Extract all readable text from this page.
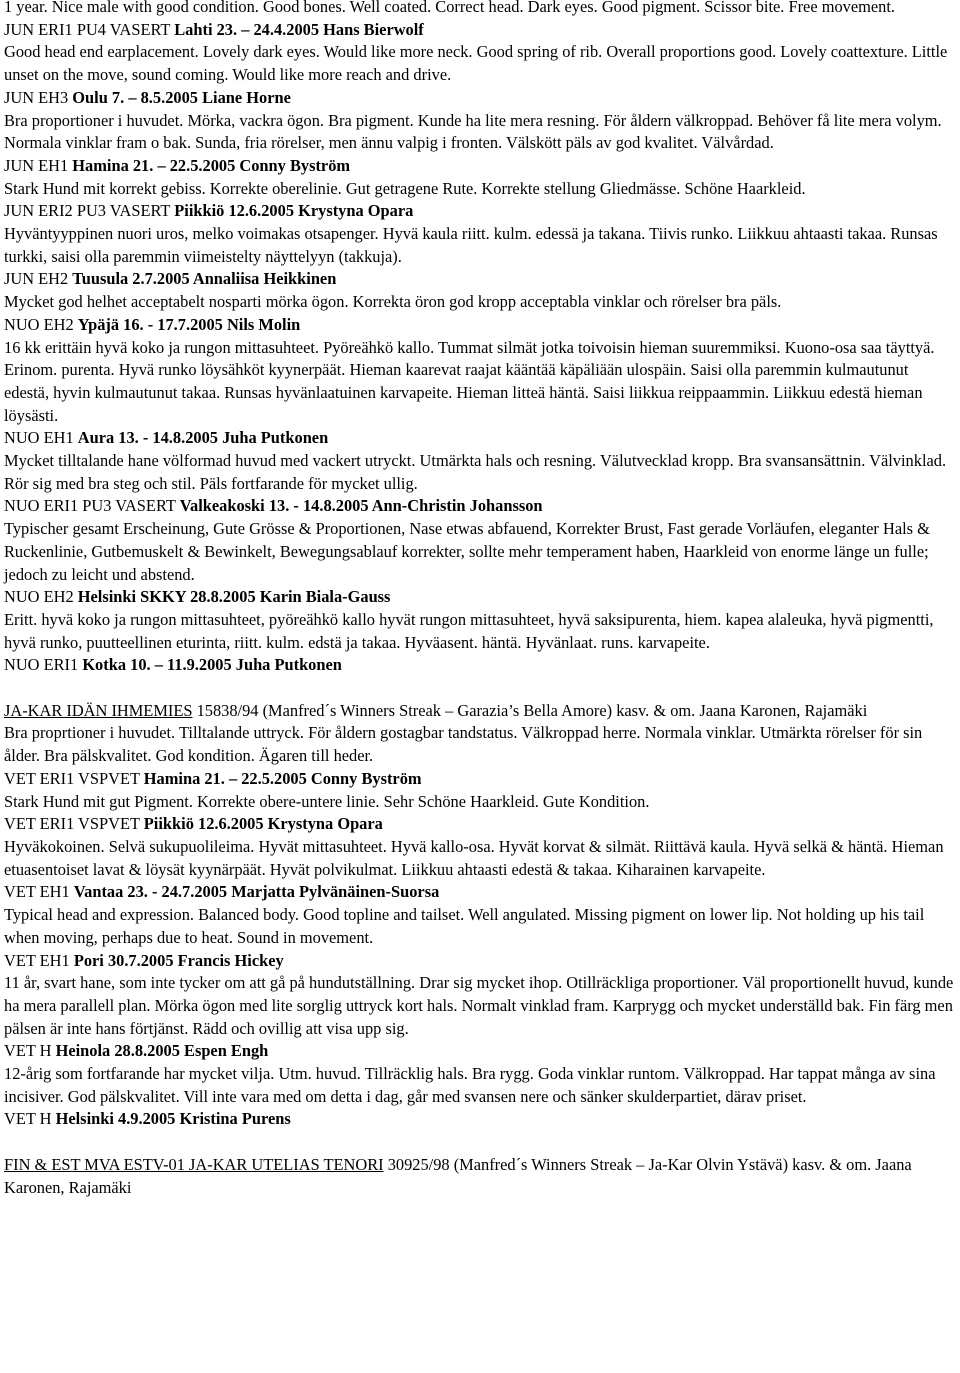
1 year. Nice male with good condition. Good bones. Well coated. Correct head. Dark eyes. Good pigment. Scissor bite. Free movement.
JUN ERI1 PU4 VASERT Lahti 23. – 24.4.2005 Hans Bierwolf
Good head end earplacement. Lovely dark eyes. Would like more neck. Good spring of rib. Overall proportions good. Lovely coattexture. Little unset on the move, sound coming. Would like more reach and drive.
JUN EH3 Oulu 7. – 8.5.2005 Liane Horne
Bra proportioner i huvudet. Mörka, vackra ögon. Bra pigment. Kunde ha lite mera resning. För åldern välkroppad. Behöver få lite mera volym. Normala vinklar fram o bak. Sunda, fria rörelser, men ännu valpig i fronten. Välskött päls av god kvalitet. Välvårdad.
JUN EH1 Hamina 21. – 22.5.2005 Conny Byström
Stark Hund mit korrekt gebiss. Korrekte oberelinie. Gut getragene Rute. Korrekte stellung Gliedmässe. Schöne Haarkleid.
JUN ERI2 PU3 VASERT Piikkiö 12.6.2005 Krystyna Opara
Hyväntyyppinen nuori uros, melko voimakas otsapenger. Hyvä kaula riitt. kulm. edessä ja takana. Tiivis runko. Liikkuu ahtaasti takaa. Runsas turkki, saisi olla paremmin viimeistelty näyttelyyn (takkuja).
JUN EH2 Tuusula 2.7.2005 Annaliisa Heikkinen
Mycket god helhet acceptabelt nosparti mörka ögon. Korrekta öron god kropp acceptabla vinklar och rörelser bra päls.
NUO EH2 Ypäjä 16. - 17.7.2005 Nils Molin
16 kk erittäin hyvä koko ja rungon mittasuhteet. Pyöreähkö kallo. Tummat silmät jotka toivoisin hieman suuremmiksi. Kuono-osa saa täyttyä. Erinom. purenta. Hyvä runko löysähköt kyynerpäät. Hieman kaarevat raajat kääntää käpäliään ulospäin. Saisi olla paremmin kulmautunut edestä, hyvin kulmautunut takaa. Runsas hyvänlaatuinen karvapeite. Hieman litteä häntä. Saisi liikkua reippaammin. Liikkuu edestä hieman löysästi.
NUO EH1 Aura 13. - 14.8.2005 Juha Putkonen
Mycket tilltalande hane völformad huvud med vackert utryckt. Utmärkta hals och resning. Välutvecklad kropp. Bra svansansättnin. Välvinklad. Rör sig med bra steg och stil. Päls fortfarande för mycket ullig.
NUO ERI1 PU3 VASERT Valkeakoski 13. - 14.8.2005 Ann-Christin Johansson
Typischer gesamt Erscheinung, Gute Grösse & Proportionen, Nase etwas abfauend, Korrekter Brust, Fast gerade Vorläufen, eleganter Hals & Ruckenlinie, Gutbemuskelt & Bewinkelt, Bewegungsablauf korrekter, sollte mehr temperament haben, Haarkleid von enorme länge un fulle; jedoch zu leicht und abstend.
NUO EH2 Helsinki SKKY 28.8.2005 Karin Biala-Gauss
Eritt. hyvä koko ja rungon mittasuhteet, pyöreähkö kallo hyvät rungon mittasuhteet, hyvä saksipurenta, hiem. kapea alaleuka, hyvä pigmentti, hyvä runko, puutteellinen eturinta, riitt. kulm. edstä ja takaa. Hyväasent. häntä. Hyvänlaat. runs. karvapeite.
NUO ERI1 Kotka 10. – 11.9.2005 Juha Putkonen
JA-KAR IDÄN IHMEMIES 15838/94 (Manfred´s Winners Streak – Garazia’s Bella Amore) kasv. & om. Jaana Karonen, Rajamäki
Bra proprtioner i huvudet. Tilltalande uttryck. För åldern gostagbar tandstatus. Välkroppad herre. Normala vinklar. Utmärkta rörelser för sin ålder. Bra pälskvalitet. God kondition. Ägaren till heder.
VET ERI1 VSPVET Hamina 21. – 22.5.2005 Conny Byström
Stark Hund mit gut Pigment. Korrekte obere-untere linie. Sehr Schöne Haarkleid. Gute Kondition.
VET ERI1 VSPVET Piikkiö 12.6.2005 Krystyna Opara
Hyväkokoinen. Selvä sukupuolileima. Hyvät mittasuhteet. Hyvä kallo-osa. Hyvät korvat & silmät. Riittävä kaula. Hyvä selkä & häntä. Hieman etuasentoiset lavat & löysät kyynärpäät. Hyvät polvikulmat. Liikkuu ahtaasti edestä & takaa. Kiharainen karvapeite.
VET EH1 Vantaa 23. - 24.7.2005 Marjatta Pylvänäinen-Suorsa
Typical head and expression. Balanced body. Good topline and tailset. Well angulated. Missing pigment on lower lip. Not holding up his tail when moving, perhaps due to heat. Sound in movement.
VET EH1 Pori 30.7.2005 Francis Hickey
11 år, svart hane, som inte tycker om att gå på hundutställning. Drar sig mycket ihop. Otillräckliga proportioner. Väl proportionellt huvud, kunde ha mera parallell plan. Mörka ögon med lite sorglig uttryck kort hals. Normalt vinklad fram. Karprygg och mycket underställd bak. Fin färg men pälsen är inte hans förtjänst. Rädd och ovillig att visa upp sig.
VET H Heinola 28.8.2005 Espen Engh
12-årig som fortfarande har mycket vilja. Utm. huvud. Tillräcklig hals. Bra rygg. Goda vinklar runtom. Välkroppad. Har tappat många av sina incisiver. God pälskvalitet. Vill inte vara med om detta i dag, går med svansen nere och sänker skulderpartiet, därav priset.
VET H Helsinki 4.9.2005 Kristina Purens
FIN & EST MVA ESTV-01 JA-KAR UTELIAS TENORI 30925/98 (Manfred´s Winners Streak – Ja-Kar Olvin Ystävä) kasv. & om. Jaana Karonen, Rajamäki
